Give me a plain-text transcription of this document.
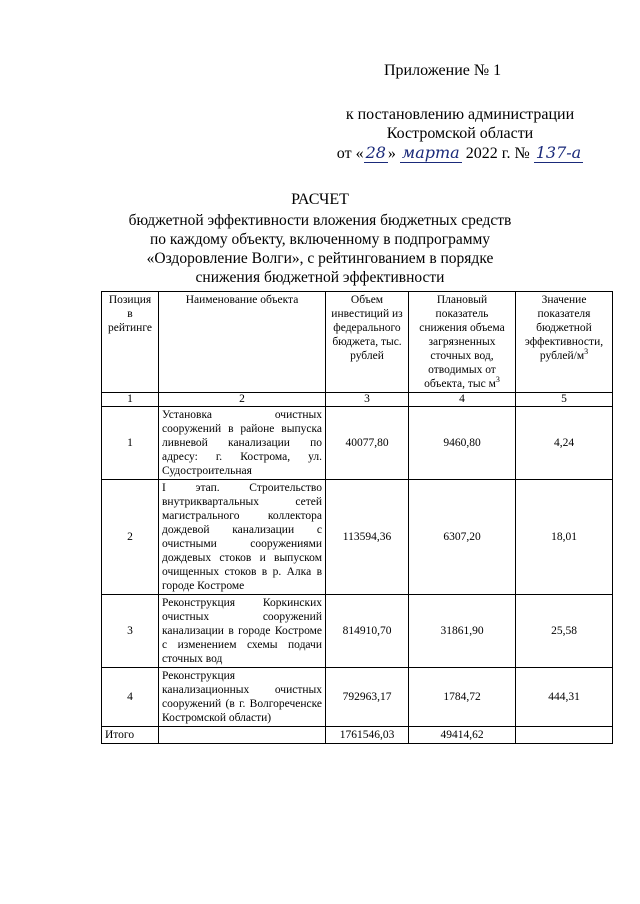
Приложение № 1
к постановлению администрации
Костромской области
от « 28 » марта 2022 г. № 137-а
РАСЧЕТ
бюджетной эффективности вложения бюджетных средств
по каждому объекту, включенному в подпрограмму
«Оздоровление Волги», с рейтингованием в порядке
снижения бюджетной эффективности
Позиция в рейтинге	Наименование объекта	Объем инвестиций из федерального бюджета, тыс. рублей	Плановый показатель снижения объема загрязненных сточных вод, отводимых от объекта, тыс $м^3$	Значение показателя бюджетной эффективности, рублей/$м^3$
1	2	3	4	5
1	Установка очистных сооружений в районе выпуска ливневой канализации по адресу: г. Кострома, ул. Судостроительная	40077,80	9460,80	4,24
2	I этап. Строительство внутриквартальных сетей магистрального коллектора дождевой канализации с очистными сооружениями дождевых стоков и выпуском очищенных стоков в р. Алка в городе Костроме	113594,36	6307,20	18,01
3	Реконструкция Коркинских очистных сооружений канализации в городе Костроме с изменением схемы подачи сточных вод	814910,70	31861,90	25,58
4	Реконструкция канализационных очистных сооружений (в г. Волгореченске Костромской области)	792963,17	1784,72	444,31
Итого		1761546,03	49414,62	
